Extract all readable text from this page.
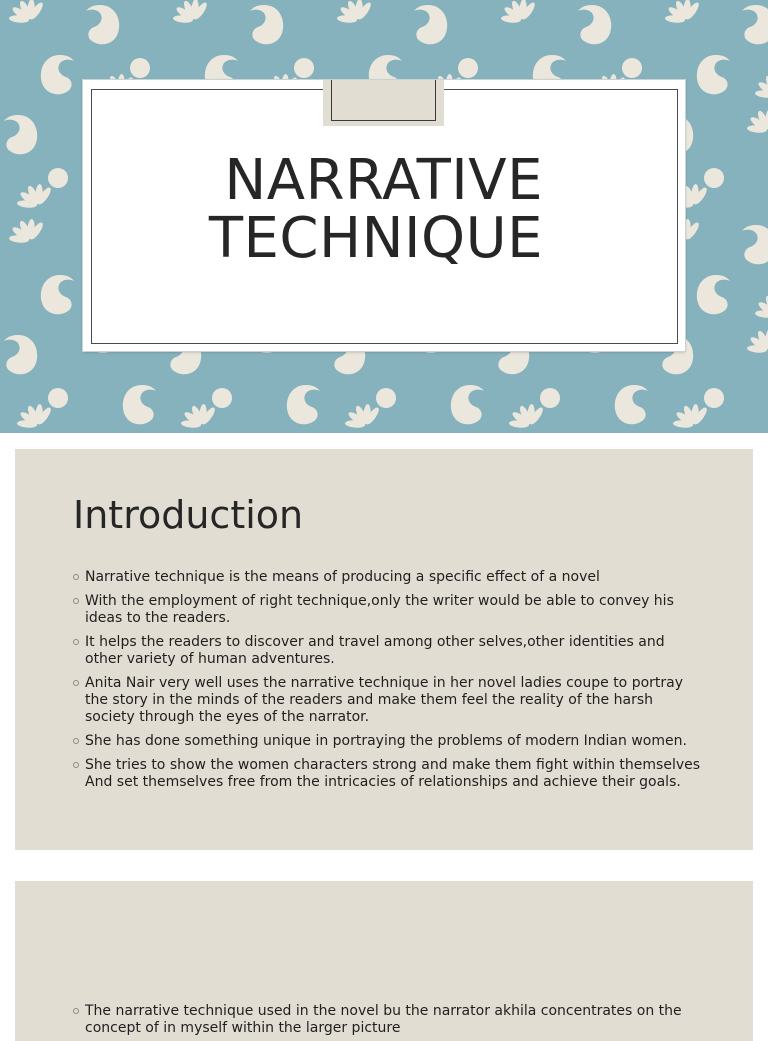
NARRATIVE
TECHNIQUE
Introduction
Narrative technique is the means of producing a specific effect of a novel
With the employment of right technique,only the writer would be able to convey his ideas to the readers.
It helps the readers to discover and travel among other selves,other identities and other variety of human adventures.
Anita Nair very well uses the narrative technique in her novel ladies coupe to portray the story in the minds of the readers and make them feel the reality of the harsh society through the eyes of the narrator.
She has done something unique in portraying the problems of modern Indian women.
She tries to show the women characters strong and make them fight within themselves And set themselves free from the intricacies of relationships and achieve their goals.
The narrative technique used in the novel bu the narrator akhila concentrates on the concept of in myself within the larger picture
